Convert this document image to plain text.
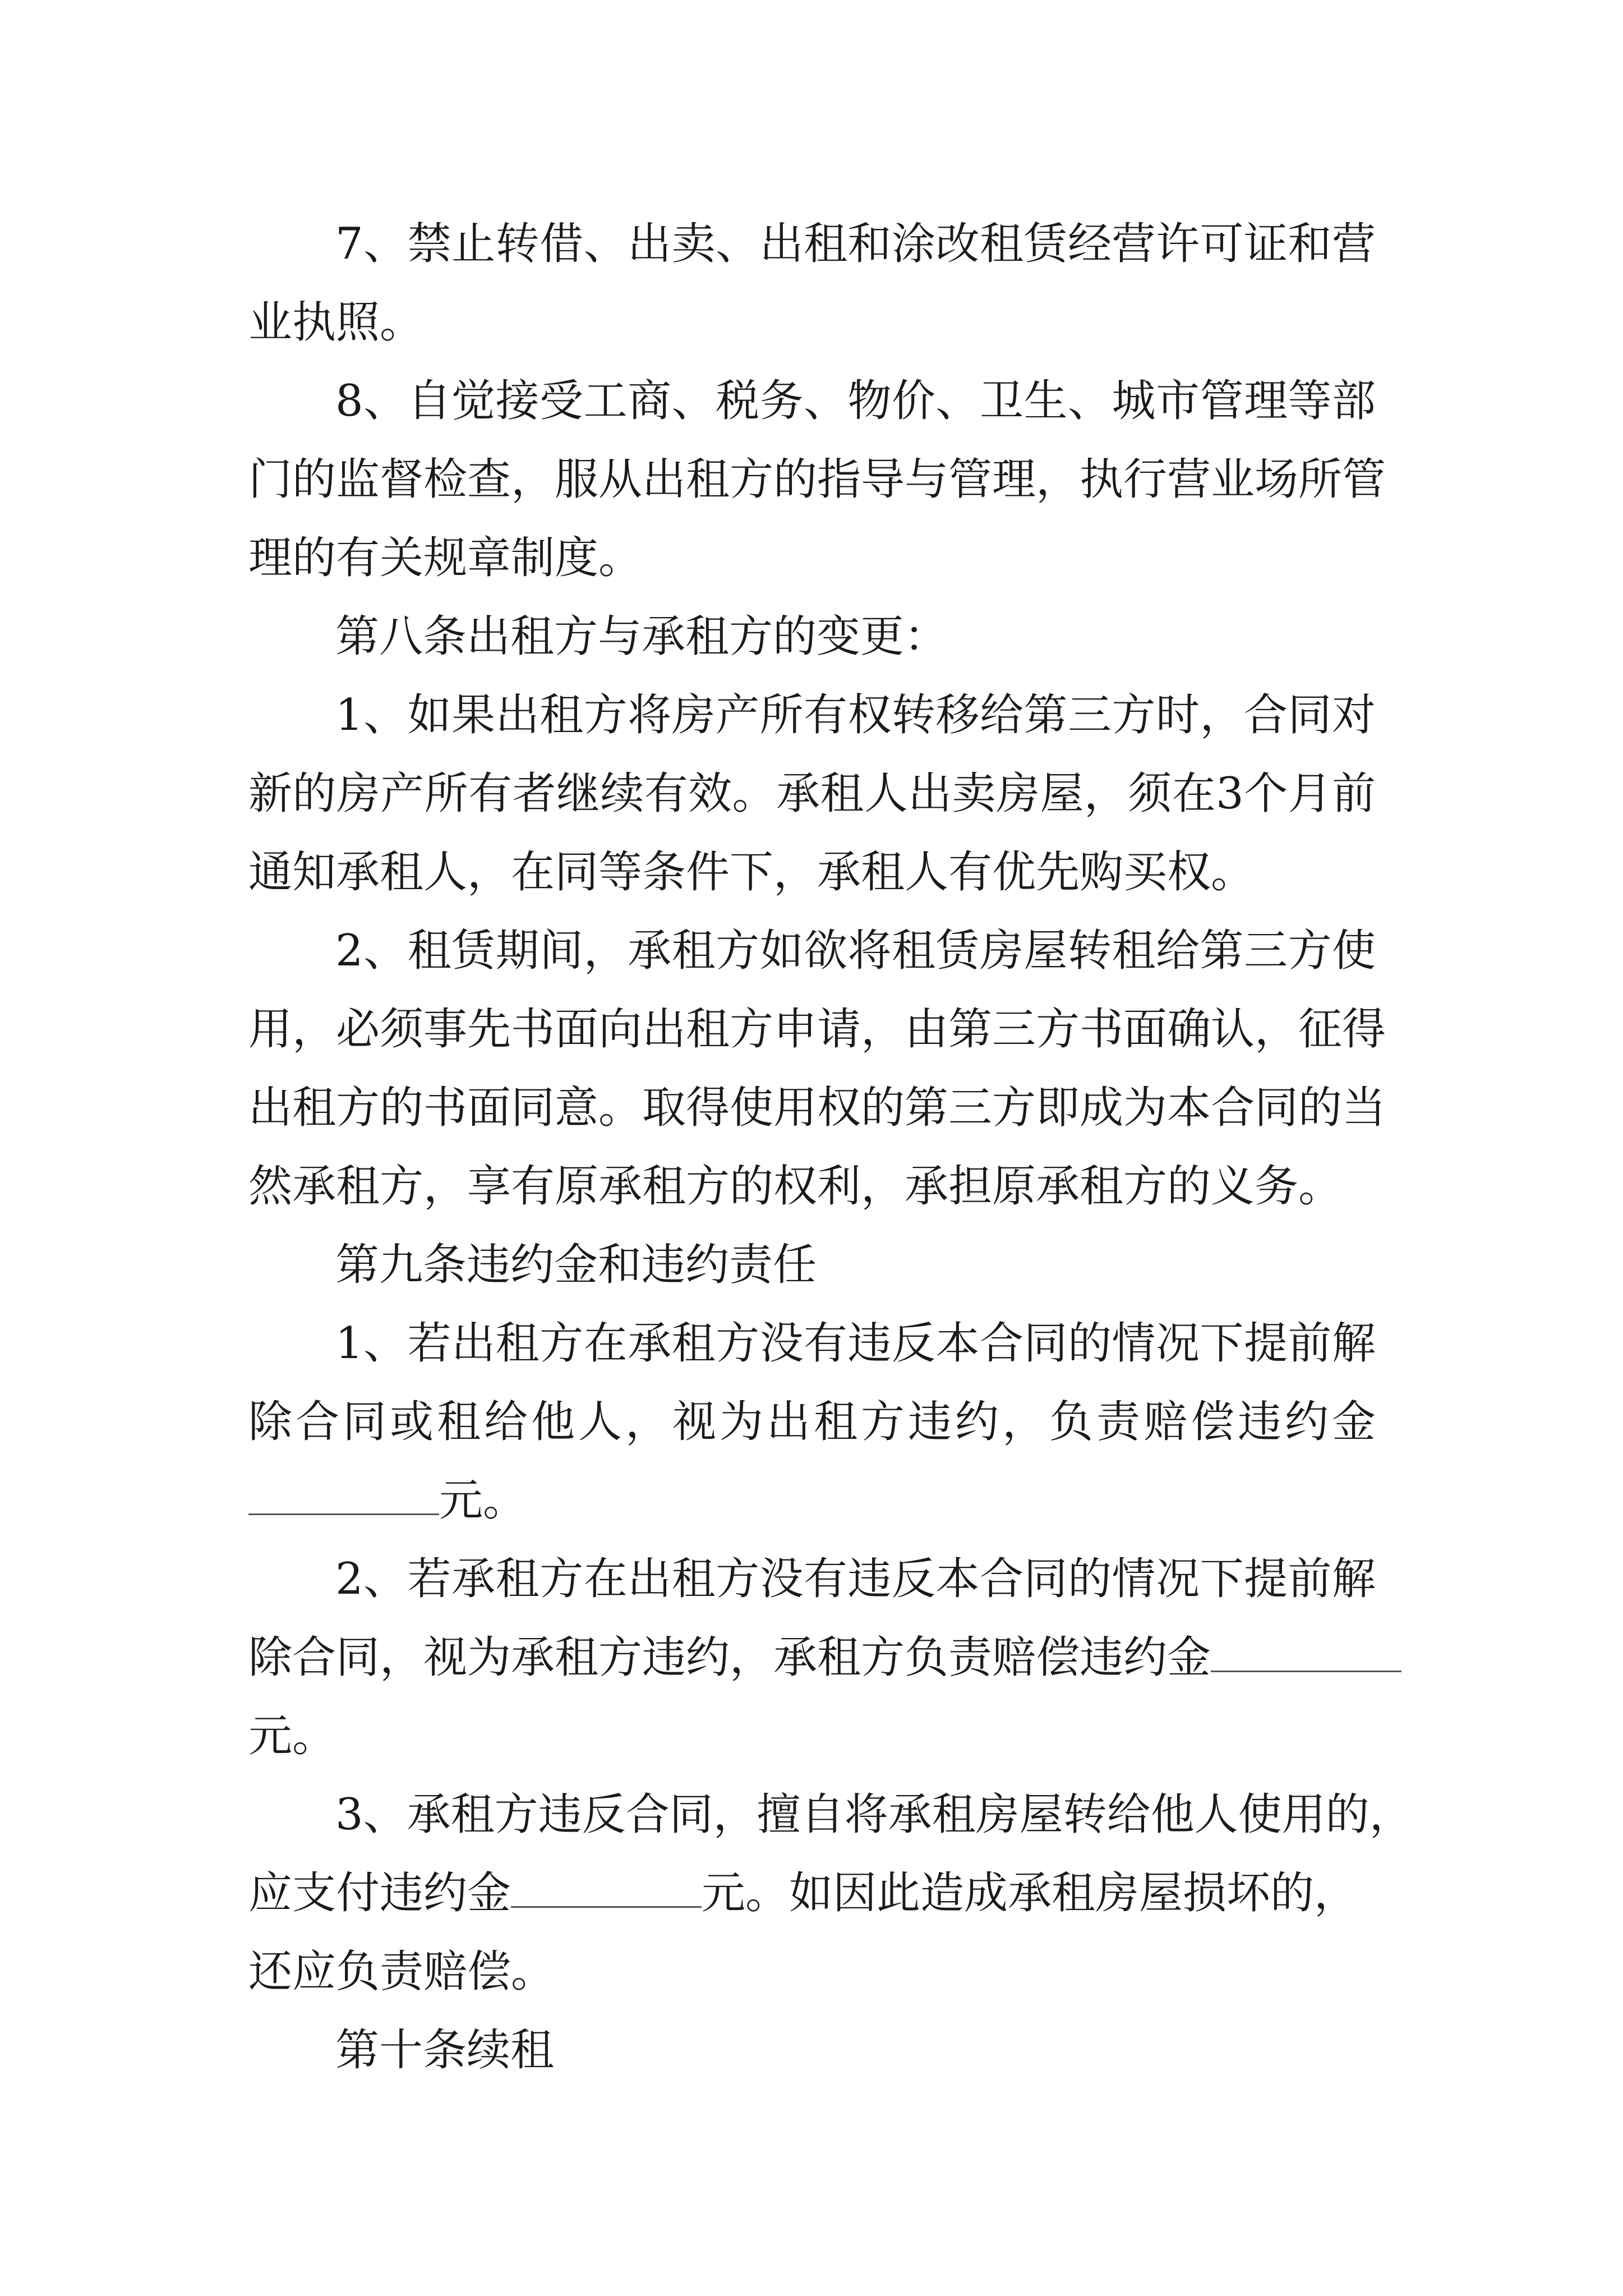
7、禁止转借、出卖、出租和涂改租赁经营许可证和营
业执照。
8、自觉接受工商、税务、物价、卫生、城市管理等部
门的监督检查，服从出租方的指导与管理，执行营业场所管
理的有关规章制度。
第八条出租方与承租方的变更：
1、如果出租方将房产所有权转移给第三方时，合同对
新的房产所有者继续有效。承租人出卖房屋，须在3个月前
通知承租人，在同等条件下，承租人有优先购买权。
2、租赁期间，承租方如欲将租赁房屋转租给第三方使
用，必须事先书面向出租方申请，由第三方书面确认，征得
出租方的书面同意。取得使用权的第三方即成为本合同的当
然承租方，享有原承租方的权利，承担原承租方的义务。
第九条违约金和违约责任
1、若出租方在承租方没有违反本合同的情况下提前解
除合同或租给他人，视为出租方违约，负责赔偿违约金
元。
2、若承租方在出租方没有违反本合同的情况下提前解
除合同，视为承租方违约，承租方负责赔偿违约金
元。
3、承租方违反合同，擅自将承租房屋转给他人使用的，
应支付违约金	元。如因此造成承租房屋损坏的，
还应负责赔偿。
第十条续租
